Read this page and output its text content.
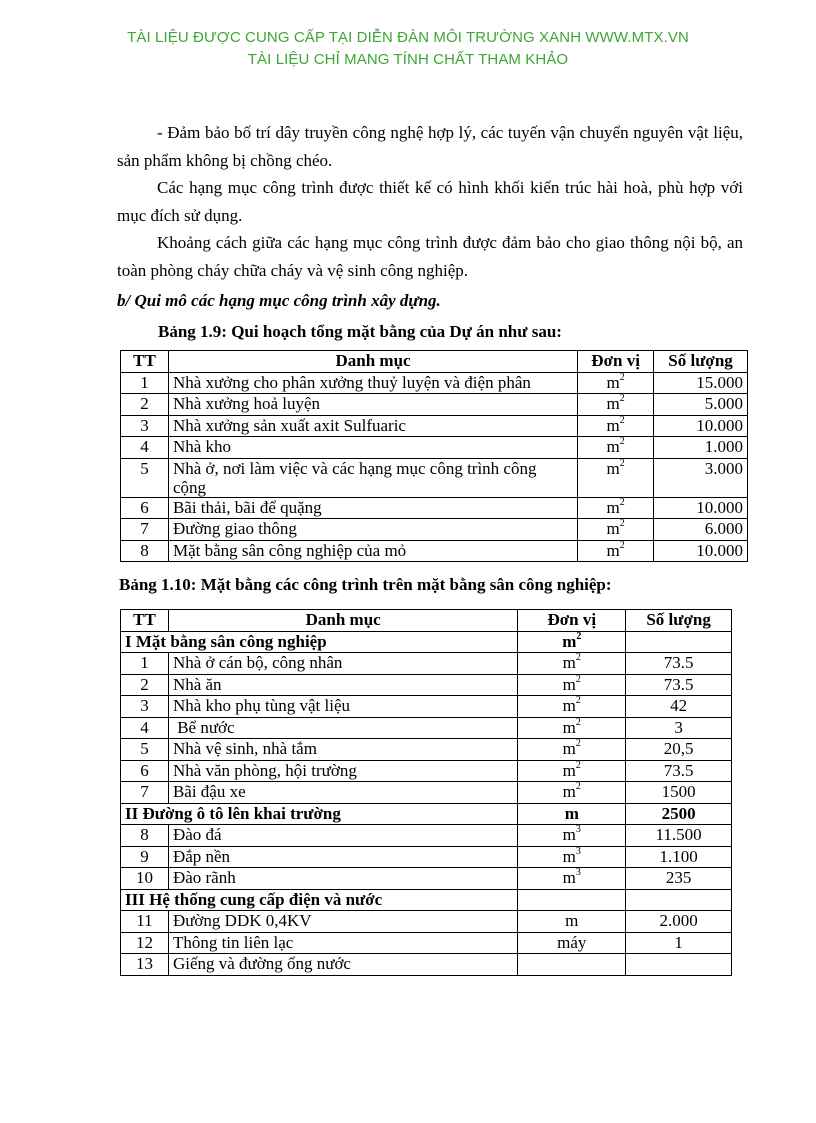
TÀI LIỆU ĐƯỢC CUNG CẤP TẠI DIỄN ĐÀN MÔI TRƯỜNG XANH WWW.MTX.VN
TÀI LIỆU CHỈ MANG TÍNH CHẤT THAM KHẢO

- Đảm bảo bố trí dây truyền công nghệ hợp lý, các tuyến vận chuyển nguyên vật liệu, sản phẩm không bị chồng chéo.

Các hạng mục công trình được thiết kế có hình khối kiến trúc hài hoà, phù hợp với mục đích sử dụng.

Khoảng cách giữa các hạng mục công trình được đảm bảo cho giao thông nội bộ, an toàn phòng cháy chữa cháy và vệ sinh công nghiệp.

b/ Qui mô các hạng mục công trình xây dựng.
Bảng 1.9: Qui hoạch tổng mặt bằng của Dự án như sau:
TT	Danh mục	Đơn vị	Số lượng
1	Nhà xưởng cho phân xưởng thuỷ luyện và điện phân	$m^2$	15.000
2	Nhà xưởng hoả luyện	$m^2$	5.000
3	Nhà xưởng sản xuất axit Sulfuaric	$m^2$	10.000
4	Nhà kho	$m^2$	1.000
5	Nhà ở, nơi làm việc và các hạng mục công trình công cộng	$m^2$	3.000
6	Bãi thải, bãi để quặng	$m^2$	10.000
7	Đường giao thông	$m^2$	6.000
8	Mặt bằng sân công nghiệp của mỏ	$m^2$	10.000
Bảng 1.10: Mặt bằng các công trình trên mặt bằng sân công nghiệp:
TT	Danh mục	Đơn vị	Số lượng
I Mặt bằng sân công nghiệp		$m^2$	
1	Nhà ở cán bộ, công nhân	$m^2$	73.5
2	Nhà ăn	$m^2$	73.5
3	Nhà kho phụ tùng vật liệu	$m^2$	42
4	Bể nước	$m^2$	3
5	Nhà vệ sinh, nhà tắm	$m^2$	20,5
6	Nhà văn phòng, hội trường	$m^2$	73.5
7	Bãi đậu xe	$m^2$	1500
II Đường ô tô lên khai trường		m	2500
8	Đào đá	$m^3$	11.500
9	Đắp nền	$m^3$	1.100
10	Đào rãnh	$m^3$	235
III Hệ thống cung cấp điện và nước			
11	Đường DDK 0,4KV	m	2.000
12	Thông tin liên lạc	máy	1
13	Giếng và đường ống nước		
